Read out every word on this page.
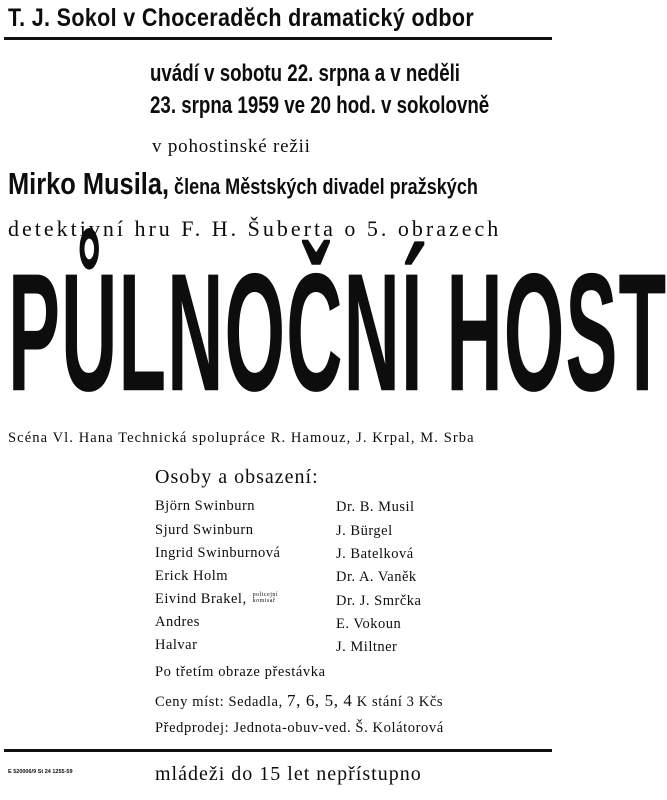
T. J. Sokol v Choceradĕch dramatický odbor
uvádí v sobotu 22. srpna a v neděli
23. srpna 1959 ve 20 hod. v sokolovně
v pohostinské režii
Mirko Musila, člena Městských divadel pražských
detektivní hru F. H. Šuberta o 5. obrazech
PŮLNOČNÍ HOST
Scéna Vl. Hana Technická spolupráce R. Hamouz, J. Krpal, M. Srba
Osoby a obsazení:
Björn Swinburn	Dr. B. Musil
Sjurd Swinburn	J. Bürgel
Ingrid Swinburnová	J. Batelková
Erick Holm	Dr. A. Vaněk
Eivind Brakel, policejní komisař	Dr. J. Smrčka
Andres	E. Vokoun
Halvar	J. Miltner
Po třetím obraze přestávka
Ceny míst: Sedadla, 7, 6, 5, 4 K stání 3 Kčs
Předprodej: Jednota-obuv-ved. Š. Kolátorová
E 520006/9 St 24 1255-59	mládeži do 15 let nepřístupno
